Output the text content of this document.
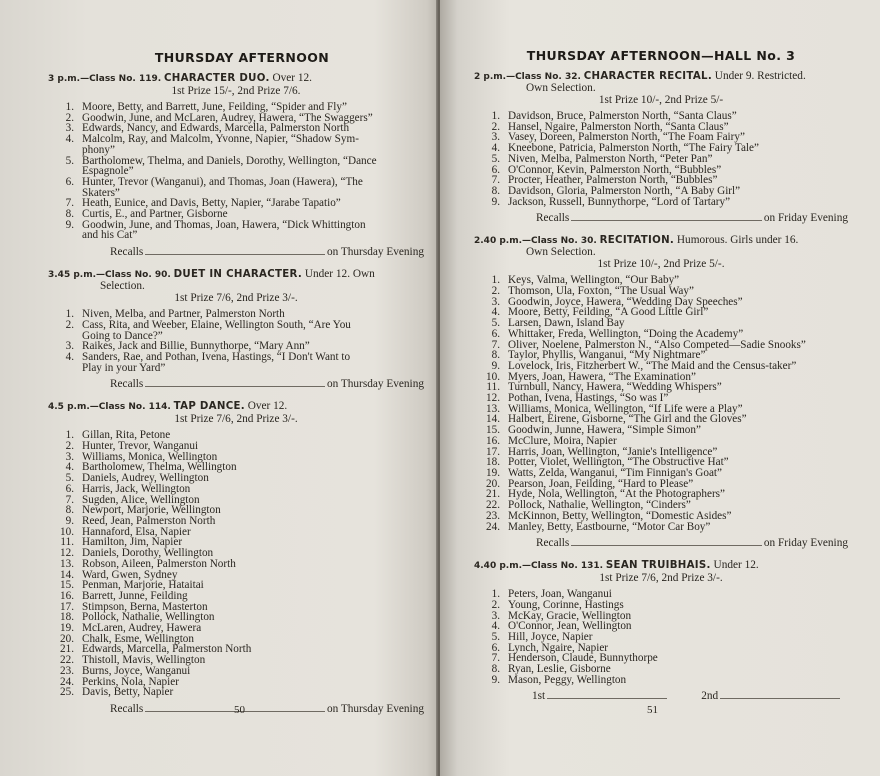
THURSDAY AFTERNOON
3 p.m.—Class No. 119. CHARACTER DUO. Over 12.
1st Prize 15/-, 2nd Prize 7/6.
1. Moore, Betty, and Barrett, June, Feilding, “Spider and Fly”
2. Goodwin, June, and McLaren, Audrey, Hawera, “The Swaggers”
3. Edwards, Nancy, and Edwards, Marcella, Palmerston North
4. Malcolm, Ray, and Malcolm, Yvonne, Napier, “Shadow Sym-
phony”
5. Bartholomew, Thelma, and Daniels, Dorothy, Wellington, “Dance
Espagnole”
6. Hunter, Trevor (Wanganui), and Thomas, Joan (Hawera), “The
Skaters”
7. Heath, Eunice, and Davis, Betty, Napier, “Jarabe Tapatio”
8. Curtis, E., and Partner, Gisborne
9. Goodwin, June, and Thomas, Joan, Hawera, “Dick Whittington
and his Cat”
Recalls	on Thursday Evening
3.45 p.m.—Class No. 90. DUET IN CHARACTER. Under 12. Own
Selection.
1st Prize 7/6, 2nd Prize 3/-.
1. Niven, Melba, and Partner, Palmerston North
2. Cass, Rita, and Weeber, Elaine, Wellington South, “Are You
Going to Dance?”
3. Raikes, Jack and Billie, Bunnythorpe, “Mary Ann”
4. Sanders, Rae, and Pothan, Ivena, Hastings, “I Don't Want to
Play in your Yard”
Recalls	on Thursday Evening
4.5 p.m.—Class No. 114. TAP DANCE. Over 12.
1st Prize 7/6, 2nd Prize 3/-.
1. Gillan, Rita, Petone
2. Hunter, Trevor, Wanganui
3. Williams, Monica, Wellington
4. Bartholomew, Thelma, Wellington
5. Daniels, Audrey, Wellington
6. Harris, Jack, Wellington
7. Sugden, Alice, Wellington
8. Newport, Marjorie, Wellington
9. Reed, Jean, Palmerston North
10. Hannaford, Elsa, Napier
11. Hamilton, Jim, Napier
12. Daniels, Dorothy, Wellington
13. Robson, Aileen, Palmerston North
14. Ward, Gwen, Sydney
15. Penman, Marjorie, Hataitai
16. Barrett, Junne, Feilding
17. Stimpson, Berna, Masterton
18. Pollock, Nathalie, Wellington
19. McLaren, Audrey, Hawera
20. Chalk, Esme, Wellington
21. Edwards, Marcella, Palmerston North
22. Thistoll, Mavis, Wellington
23. Burns, Joyce, Wanganui
24. Perkins, Nola, Napier
25. Davis, Betty, Napier
Recalls	on Thursday Evening
50
THURSDAY AFTERNOON—HALL No. 3
2 p.m.—Class No. 32. CHARACTER RECITAL. Under 9. Restricted.
Own Selection.
1st Prize 10/-, 2nd Prize 5/-
1. Davidson, Bruce, Palmerston North, “Santa Claus”
2. Hansel, Ngaire, Palmerston North, “Santa Claus”
3. Vasey, Doreen, Palmerston North, “The Foam Fairy”
4. Kneebone, Patricia, Palmerston North, “The Fairy Tale”
5. Niven, Melba, Palmerston North, “Peter Pan”
6. O'Connor, Kevin, Palmerston North, “Bubbles”
7. Procter, Heather, Palmerston North, “Bubbles”
8. Davidson, Gloria, Palmerston North, “A Baby Girl”
9. Jackson, Russell, Bunnythorpe, “Lord of Tartary”
Recalls	on Friday Evening
2.40 p.m.—Class No. 30. RECITATION. Humorous. Girls under 16.
Own Selection.
1st Prize 10/-, 2nd Prize 5/-.
1. Keys, Valma, Wellington, “Our Baby”
2. Thomson, Ula, Foxton, “The Usual Way”
3. Goodwin, Joyce, Hawera, “Wedding Day Speeches”
4. Moore, Betty, Feilding, “A Good Little Girl”
5. Larsen, Dawn, Island Bay
6. Whittaker, Freda, Wellington, “Doing the Academy”
7. Oliver, Noelene, Palmerston N., “Also Competed—Sadie Snooks”
8. Taylor, Phyllis, Wanganui, “My Nightmare”
9. Lovelock, Iris, Fitzherbert W., “The Maid and the Census-taker”
10. Myers, Joan, Hawera, “The Examination”
11. Turnbull, Nancy, Hawera, “Wedding Whispers”
12. Pothan, Ivena, Hastings, “So was I”
13. Williams, Monica, Wellington, “If Life were a Play”
14. Halbert, Eirene, Gisborne, “The Girl and the Gloves”
15. Goodwin, Junne, Hawera, “Simple Simon”
16. McClure, Moira, Napier
17. Harris, Joan, Wellington, “Janie's Intelligence”
18. Potter, Violet, Wellington, “The Obstructive Hat”
19. Watts, Zelda, Wanganui, “Tim Finnigan's Goat”
20. Pearson, Joan, Feilding, “Hard to Please”
21. Hyde, Nola, Wellington, “At the Photographers”
22. Pollock, Nathalie, Wellington, “Cinders”
23. McKinnon, Betty, Wellington, “Domestic Asides”
24. Manley, Betty, Eastbourne, “Motor Car Boy”
Recalls	on Friday Evening
4.40 p.m.—Class No. 131. SEAN TRUIBHAIS. Under 12.
1st Prize 7/6, 2nd Prize 3/-.
1. Peters, Joan, Wanganui
2. Young, Corinne, Hastings
3. McKay, Gracie, Wellington
4. O'Connor, Jean, Wellington
5. Hill, Joyce, Napier
6. Lynch, Ngaire, Napier
7. Henderson, Claude, Bunnythorpe
8. Ryan, Leslie, Gisborne
9. Mason, Peggy, Wellington
1st	2nd
51
